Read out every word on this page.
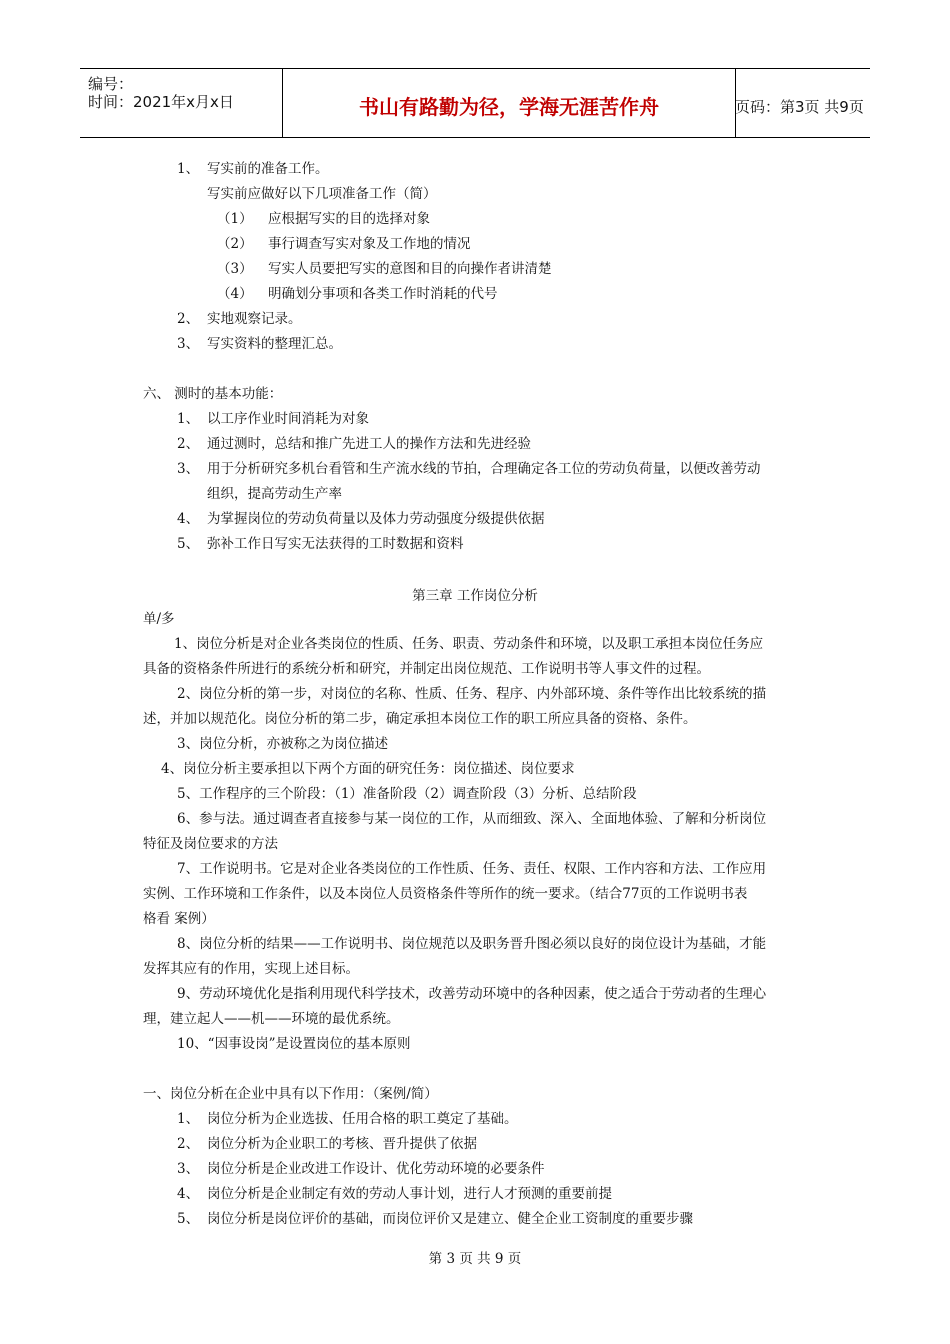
编号：
时间：2021年x月x日	书山有路勤为径，学海无涯苦作舟	页码：第3页 共9页
1、 写实前的准备工作。
写实前应做好以下几项准备工作（简）
（1） 应根据写实的目的选择对象
（2） 事行调查写实对象及工作地的情况
（3） 写实人员要把写实的意图和目的向操作者讲清楚
（4） 明确划分事项和各类工作时消耗的代号
2、 实地观察记录。
3、 写实资料的整理汇总。
六、 测时的基本功能：
1、 以工序作业时间消耗为对象
2、 通过测时，总结和推广先进工人的操作方法和先进经验
3、 用于分析研究多机台看管和生产流水线的节拍，合理确定各工位的劳动负荷量，以便改善劳动
组织，提高劳动生产率
4、 为掌握岗位的劳动负荷量以及体力劳动强度分级提供依据
5、 弥补工作日写实无法获得的工时数据和资料
第三章 工作岗位分析
单/多
1、岗位分析是对企业各类岗位的性质、任务、职责、劳动条件和环境，以及职工承担本岗位任务应
具备的资格条件所进行的系统分析和研究，并制定出岗位规范、工作说明书等人事文件的过程。
2、岗位分析的第一步，对岗位的名称、性质、任务、程序、内外部环境、条件等作出比较系统的描
述，并加以规范化。岗位分析的第二步，确定承担本岗位工作的职工所应具备的资格、条件。
3、岗位分析，亦被称之为岗位描述
4、岗位分析主要承担以下两个方面的研究任务：岗位描述、岗位要求
5、工作程序的三个阶段：（1）准备阶段（2）调查阶段（3）分析、总结阶段
6、参与法。通过调查者直接参与某一岗位的工作，从而细致、深入、全面地体验、了解和分析岗位
特征及岗位要求的方法
7、工作说明书。它是对企业各类岗位的工作性质、任务、责任、权限、工作内容和方法、工作应用
实例、工作环境和工作条件，以及本岗位人员资格条件等所作的统一要求。（结合77页的工作说明书表
格看 案例）
8、岗位分析的结果——工作说明书、岗位规范以及职务晋升图必须以良好的岗位设计为基础，才能
发挥其应有的作用，实现上述目标。
9、劳动环境优化是指利用现代科学技术，改善劳动环境中的各种因素，使之适合于劳动者的生理心
理，建立起人——机——环境的最优系统。
10、“因事设岗”是设置岗位的基本原则
一、岗位分析在企业中具有以下作用：（案例/简）
1、 岗位分析为企业选拔、任用合格的职工奠定了基础。
2、 岗位分析为企业职工的考核、晋升提供了依据
3、 岗位分析是企业改进工作设计、优化劳动环境的必要条件
4、 岗位分析是企业制定有效的劳动人事计划，进行人才预测的重要前提
5、 岗位分析是岗位评价的基础，而岗位评价又是建立、健全企业工资制度的重要步骤
第 3 页 共 9 页
